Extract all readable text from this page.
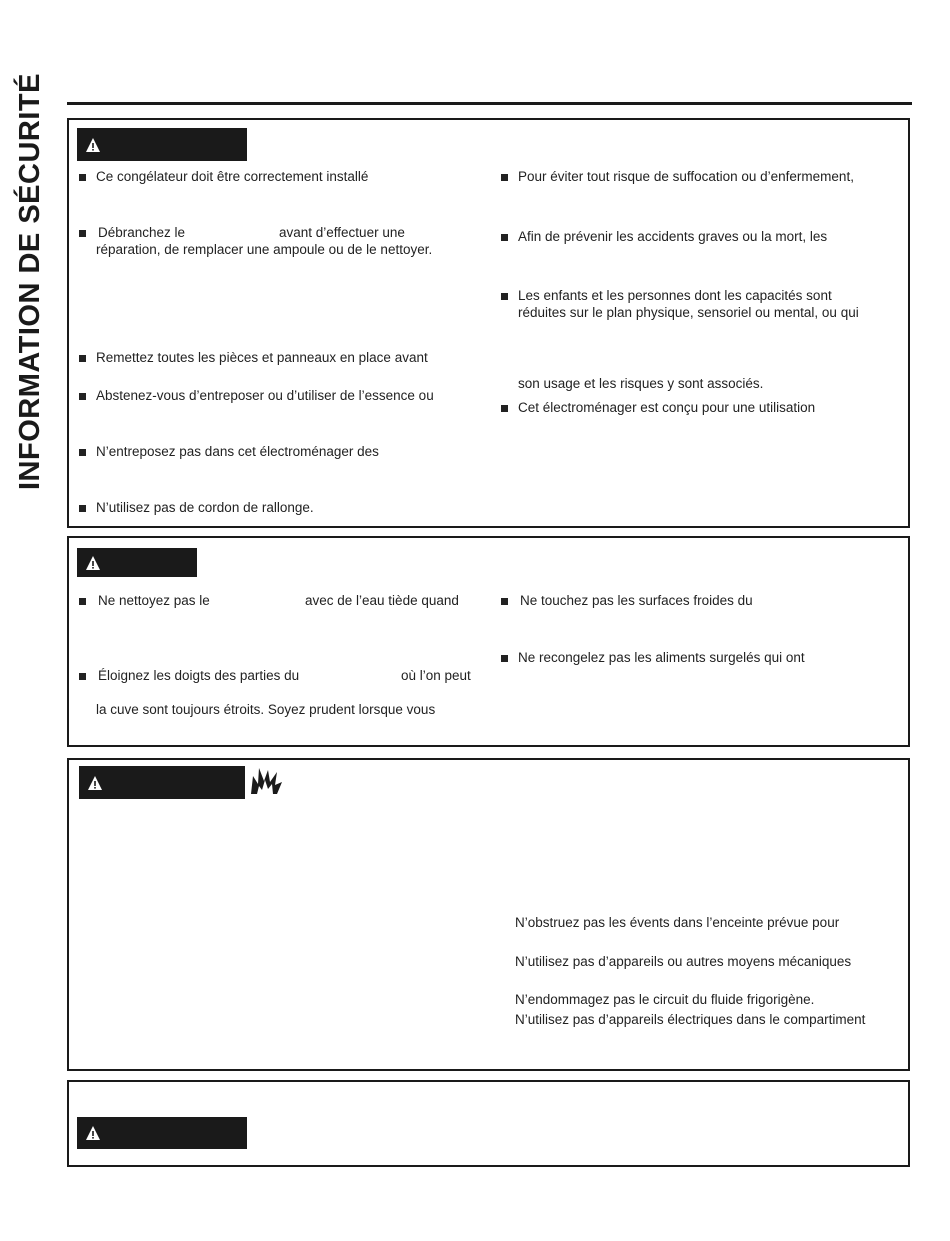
INFORMATION DE SÉCURITÉ	Ce congélateur doit être correctement installé
Débranchez le	avant d’effectuer une
réparation, de remplacer une ampoule ou de le nettoyer.
Remettez toutes les pièces et panneaux en place avant
Abstenez-vous d’entreposer ou d’utiliser de l’essence ou
N’entreposez pas dans cet électroménager des
N’utilisez pas de cordon de rallonge.
Pour éviter tout risque de suffocation ou d’enfermement,
Afin de prévenir les accidents graves ou la mort, les
Les enfants et les personnes dont les capacités sont
réduites sur le plan physique, sensoriel ou mental, ou qui
son usage et les risques y sont associés.
Cet électroménager est conçu pour une utilisation
Ne nettoyez pas le	avec de l’eau tiède quand
Éloignez les doigts des parties du	où l’on peut
la cuve sont toujours étroits. Soyez prudent lorsque vous
Ne touchez pas les surfaces froides du
Ne recongelez pas les aliments surgelés qui ont
N’obstruez pas les évents dans l’enceinte prévue pour
N’utilisez pas d’appareils ou autres moyens mécaniques
N’endommagez pas le circuit du fluide frigorigène.
N’utilisez pas d’appareils électriques dans le compartiment
